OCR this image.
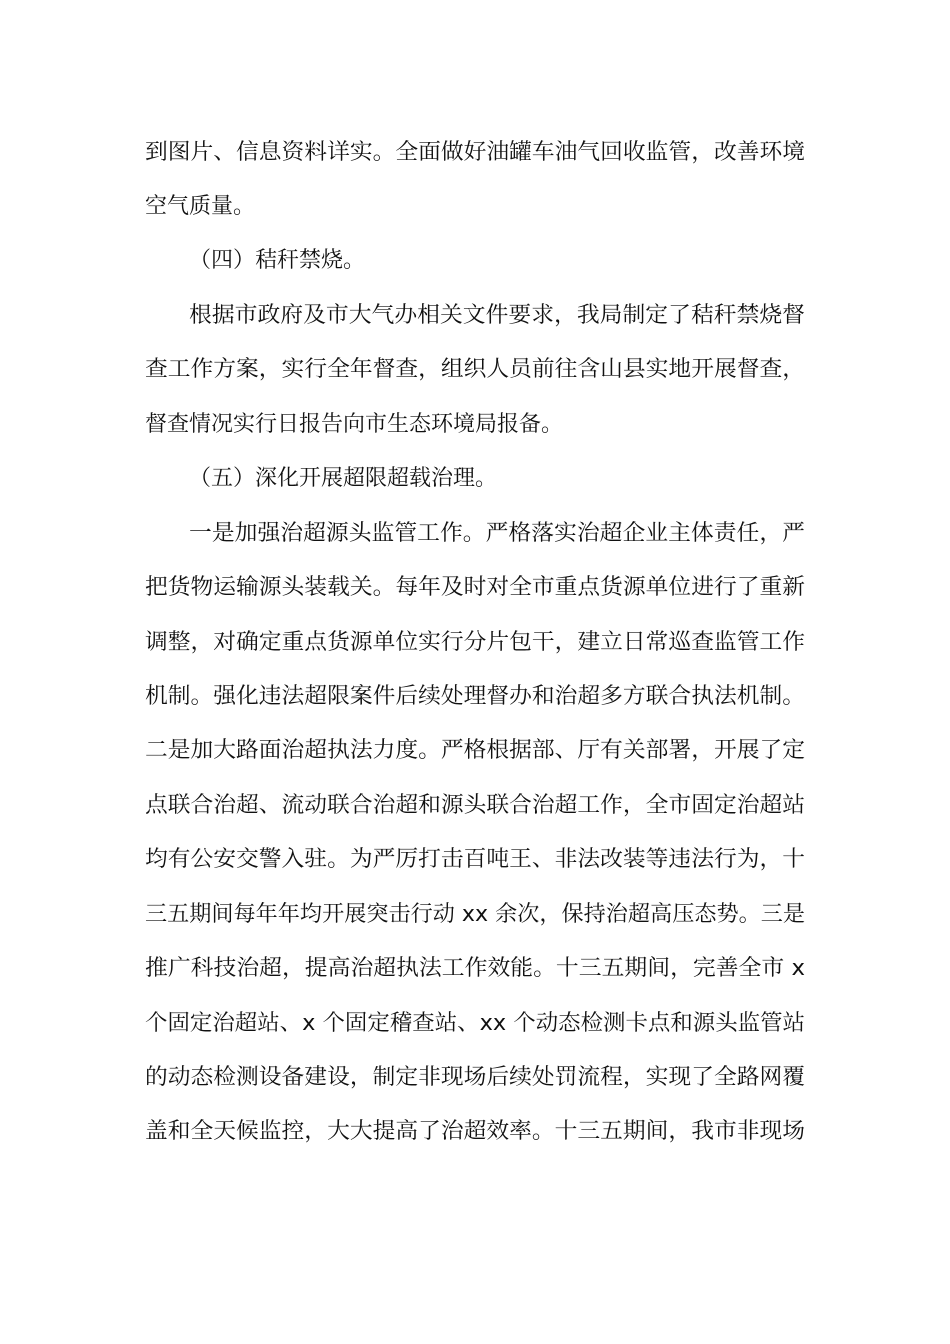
到图片、信息资料详实。全面做好油罐车油气回收监管，改善环境

空气质量。

（四）秸秆禁烧。

根据市政府及市大气办相关文件要求，我局制定了秸秆禁烧督

查工作方案，实行全年督查，组织人员前往含山县实地开展督查，

督查情况实行日报告向市生态环境局报备。

（五）深化开展超限超载治理。

一是加强治超源头监管工作。严格落实治超企业主体责任，严

把货物运输源头装载关。每年及时对全市重点货源单位进行了重新

调整，对确定重点货源单位实行分片包干，建立日常巡查监管工作

机制。强化违法超限案件后续处理督办和治超多方联合执法机制。

二是加大路面治超执法力度。严格根据部、厅有关部署，开展了定

点联合治超、流动联合治超和源头联合治超工作，全市固定治超站

均有公安交警入驻。为严厉打击百吨王、非法改装等违法行为，十

三五期间每年年均开展突击行动 xx 余次，保持治超高压态势。三是

推广科技治超，提高治超执法工作效能。十三五期间，完善全市 x

个固定治超站、x 个固定稽查站、xx 个动态检测卡点和源头监管站

的动态检测设备建设，制定非现场后续处罚流程，实现了全路网覆

盖和全天候监控，大大提高了治超效率。十三五期间，我市非现场
